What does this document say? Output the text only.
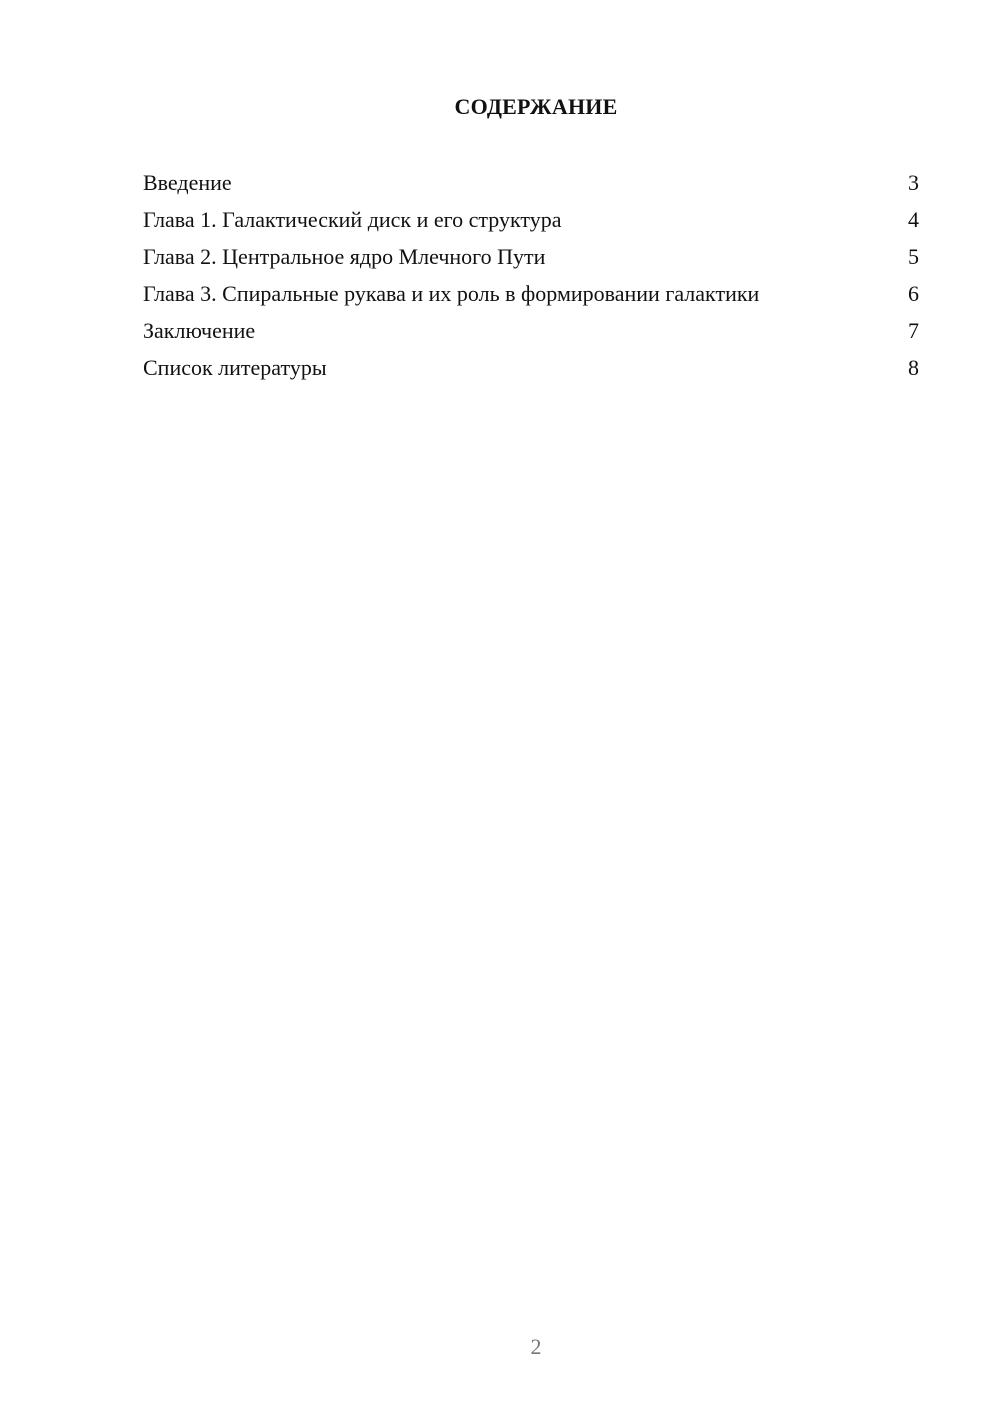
СОДЕРЖАНИЕ
Введение	3
Глава 1. Галактический диск и его структура	4
Глава 2. Центральное ядро Млечного Пути	5
Глава 3. Спиральные рукава и их роль в формировании галактики	6
Заключение	7
Список литературы	8
2
